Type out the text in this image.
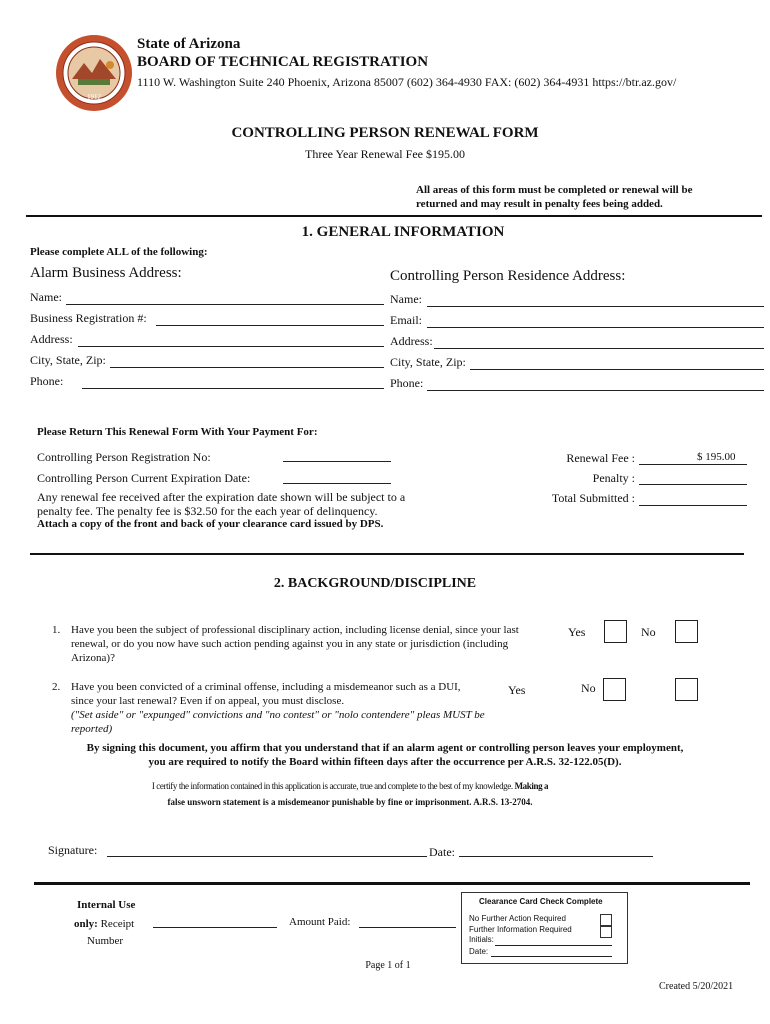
1912
State of Arizona
BOARD OF TECHNICAL REGISTRATION
1110 W. Washington Suite 240 Phoenix, Arizona 85007 (602) 364-4930 FAX: (602) 364-4931 https://btr.az.gov/
CONTROLLING PERSON RENEWAL FORM
Three Year Renewal Fee $195.00
All areas of this form must be completed or renewal will be
returned and may result in penalty fees being added.
1. GENERAL INFORMATION
Please complete ALL of the following:
Alarm Business Address:	Controlling Person Residence Address:
Name:
Business Registration #:
Address:
City, State, Zip:
Phone:
Name:
Email:
Address:
City, State, Zip:
Phone:
Please Return This Renewal Form With Your Payment For:
Controlling Person Registration No:
Controlling Person Current Expiration Date:
Any renewal fee received after the expiration date shown will be subject to a
penalty fee. The penalty fee is $32.50 for the each year of delinquency.
Attach a copy of the front and back of your clearance card issued by DPS.
Renewal Fee :	$ 195.00
Penalty :
Total Submitted :
2. BACKGROUND/DISCIPLINE
1. Have you been the subject of professional disciplinary action, including license denial, since your last
renewal, or do you now have such action pending against you in any state or jurisdiction (including
Arizona)?
Yes	No
2. Have you been convicted of a criminal offense, including a misdemeanor such as a DUI,
since your last renewal? Even if on appeal, you must disclose.
("Set aside" or "expunged" convictions and "no contest" or "nolo contendere" pleas MUST be
reported)
Yes	No
By signing this document, you affirm that you understand that if an alarm agent or controlling person leaves your employment,
you are required to notify the Board within fifteen days after the occurrence per A.R.S. 32-122.05(D).
I certify the information contained in this application is accurate, true and complete to the best of my knowledge. Making a
false unsworn statement is a misdemeanor punishable by fine or imprisonment. A.R.S. 13-2704.
Signature:	Date:
Internal Use
only: Receipt
Number
Amount Paid:
Clearance Card Check Complete
No Further Action Required
Further Information Required
Initials:
Date:
Page 1 of 1
Created 5/20/2021
